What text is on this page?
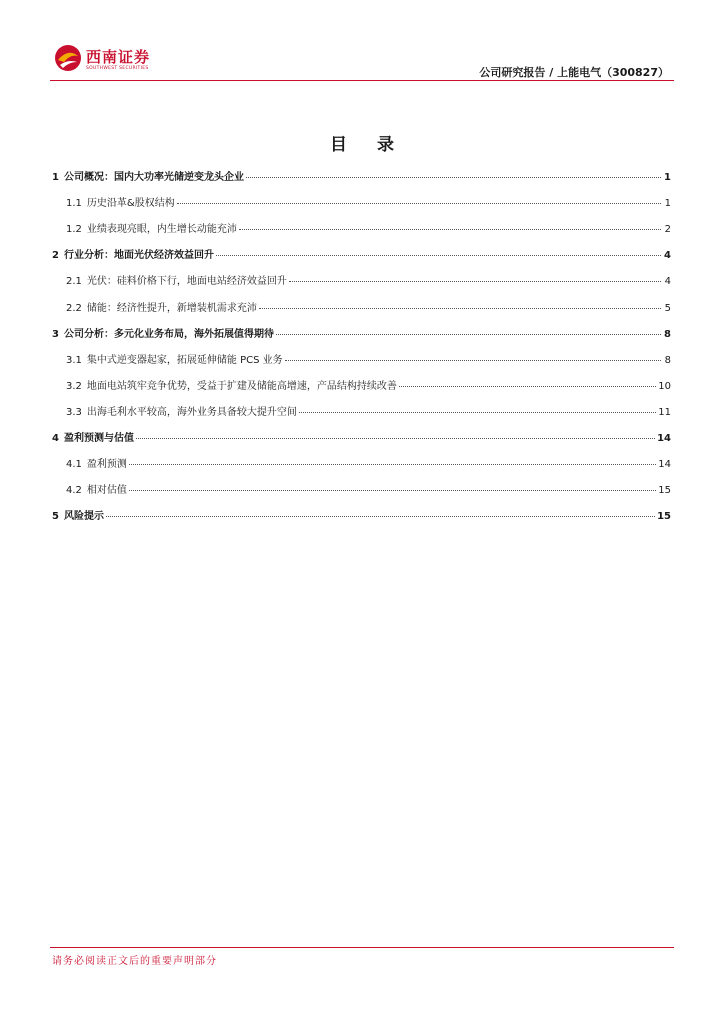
西南证券
SOUTHWEST SECURITIES	公司研究报告 / 上能电气（300827）
目 录
1 公司概况：国内大功率光储逆变龙头企业	1
1.1 历史沿革&股权结构	1
1.2 业绩表现亮眼，内生增长动能充沛	2
2 行业分析：地面光伏经济效益回升	4
2.1 光伏：硅料价格下行，地面电站经济效益回升	4
2.2 储能：经济性提升，新增装机需求充沛	5
3 公司分析：多元化业务布局，海外拓展值得期待	8
3.1 集中式逆变器起家，拓展延伸储能 PCS 业务	8
3.2 地面电站筑牢竞争优势，受益于扩建及储能高增速，产品结构持续改善	10
3.3 出海毛利水平较高，海外业务具备较大提升空间	11
4 盈利预测与估值	14
4.1 盈利预测	14
4.2 相对估值	15
5 风险提示	15
请务必阅读正文后的重要声明部分
